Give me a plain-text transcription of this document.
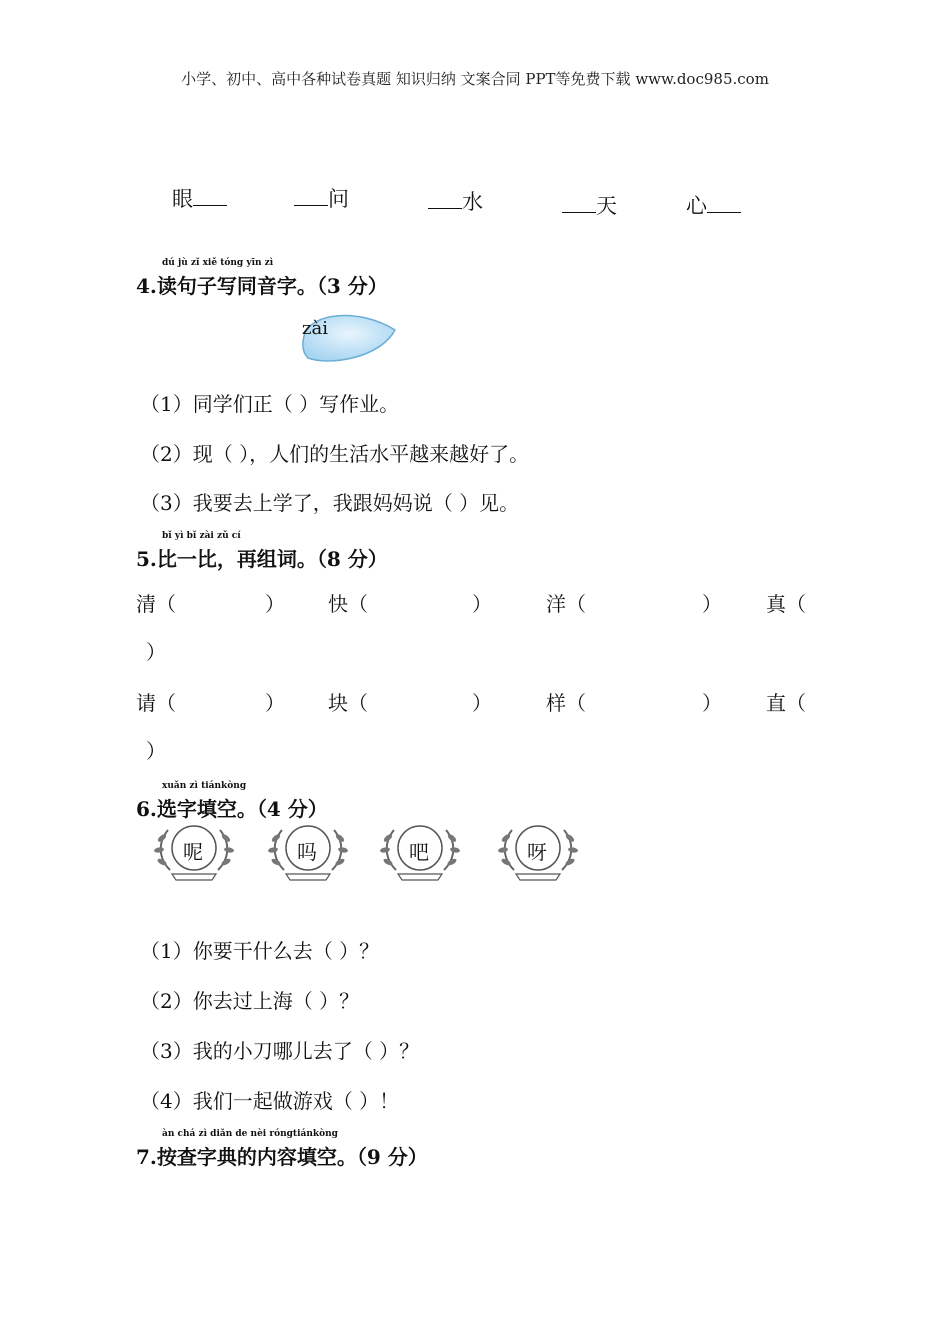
小学、初中、高中各种试卷真题 知识归纳 文案合同 PPT等免费下载 www.doc985.com
眼	问	水	天	心
dú jù zǐ xiě tóng yīn zì
4.读句子写同音字。（3 分）
zài
（1）同学们正（ ）写作业。
（2）现（ ），人们的生活水平越来越好了。
（3）我要去上学了，我跟妈妈说（ ）见。
bǐ yì bǐ zài zǔ cí
5.比一比，再组词。（8 分）
清（	） 快（	）	洋（	） 真（
）
请（	） 块（	）	样（	） 直（
）
xuǎn zì tiánkòng
6.选字填空。（4 分）
呢	吗	吧	呀
（1）你要干什么去（ ）？
（2）你去过上海（ ）？
（3）我的小刀哪儿去了（ ）？
（4）我们一起做游戏（ ）！
àn chá zì diǎn de nèi róngtiánkòng
7.按查字典的内容填空。（9 分）
